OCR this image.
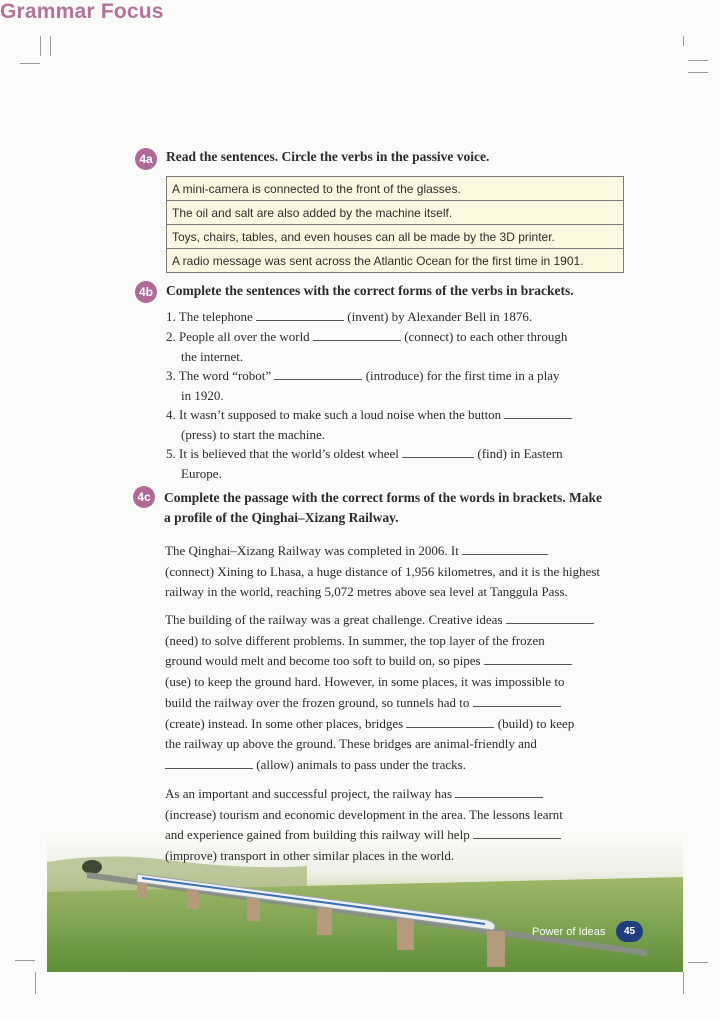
Grammar Focus
4a Read the sentences. Circle the verbs in the passive voice.
A mini-camera is connected to the front of the glasses.
The oil and salt are also added by the machine itself.
Toys, chairs, tables, and even houses can all be made by the 3D printer.
A radio message was sent across the Atlantic Ocean for the first time in 1901.
4b Complete the sentences with the correct forms of the verbs in brackets.
1. The telephone	(invent) by Alexander Bell in 1876.
2. People all over the world	(connect) to each other through
the internet.
3. The word “robot”	(introduce) for the first time in a play
in 1920.
4. It wasn’t supposed to make such a loud noise when the button
(press) to start the machine.
5. It is believed that the world’s oldest wheel	(find) in Eastern
Europe.
4c Complete the passage with the correct forms of the words in brackets. Make
a profile of the Qinghai–Xizang Railway.
The Qinghai–Xizang Railway was completed in 2006. It
(connect) Xining to Lhasa, a huge distance of 1,956 kilometres, and it is the highest
railway in the world, reaching 5,072 metres above sea level at Tanggula Pass.
The building of the railway was a great challenge. Creative ideas
(need) to solve different problems. In summer, the top layer of the frozen
ground would melt and become too soft to build on, so pipes
(use) to keep the ground hard. However, in some places, it was impossible to
build the railway over the frozen ground, so tunnels had to
(create) instead. In some other places, bridges	(build) to keep
the railway up above the ground. These bridges are animal-friendly and
(allow) animals to pass under the tracks.
As an important and successful project, the railway has
(increase) tourism and economic development in the area. The lessons learnt
and experience gained from building this railway will help
(improve) transport in other similar places in the world.
Power of Ideas	45
